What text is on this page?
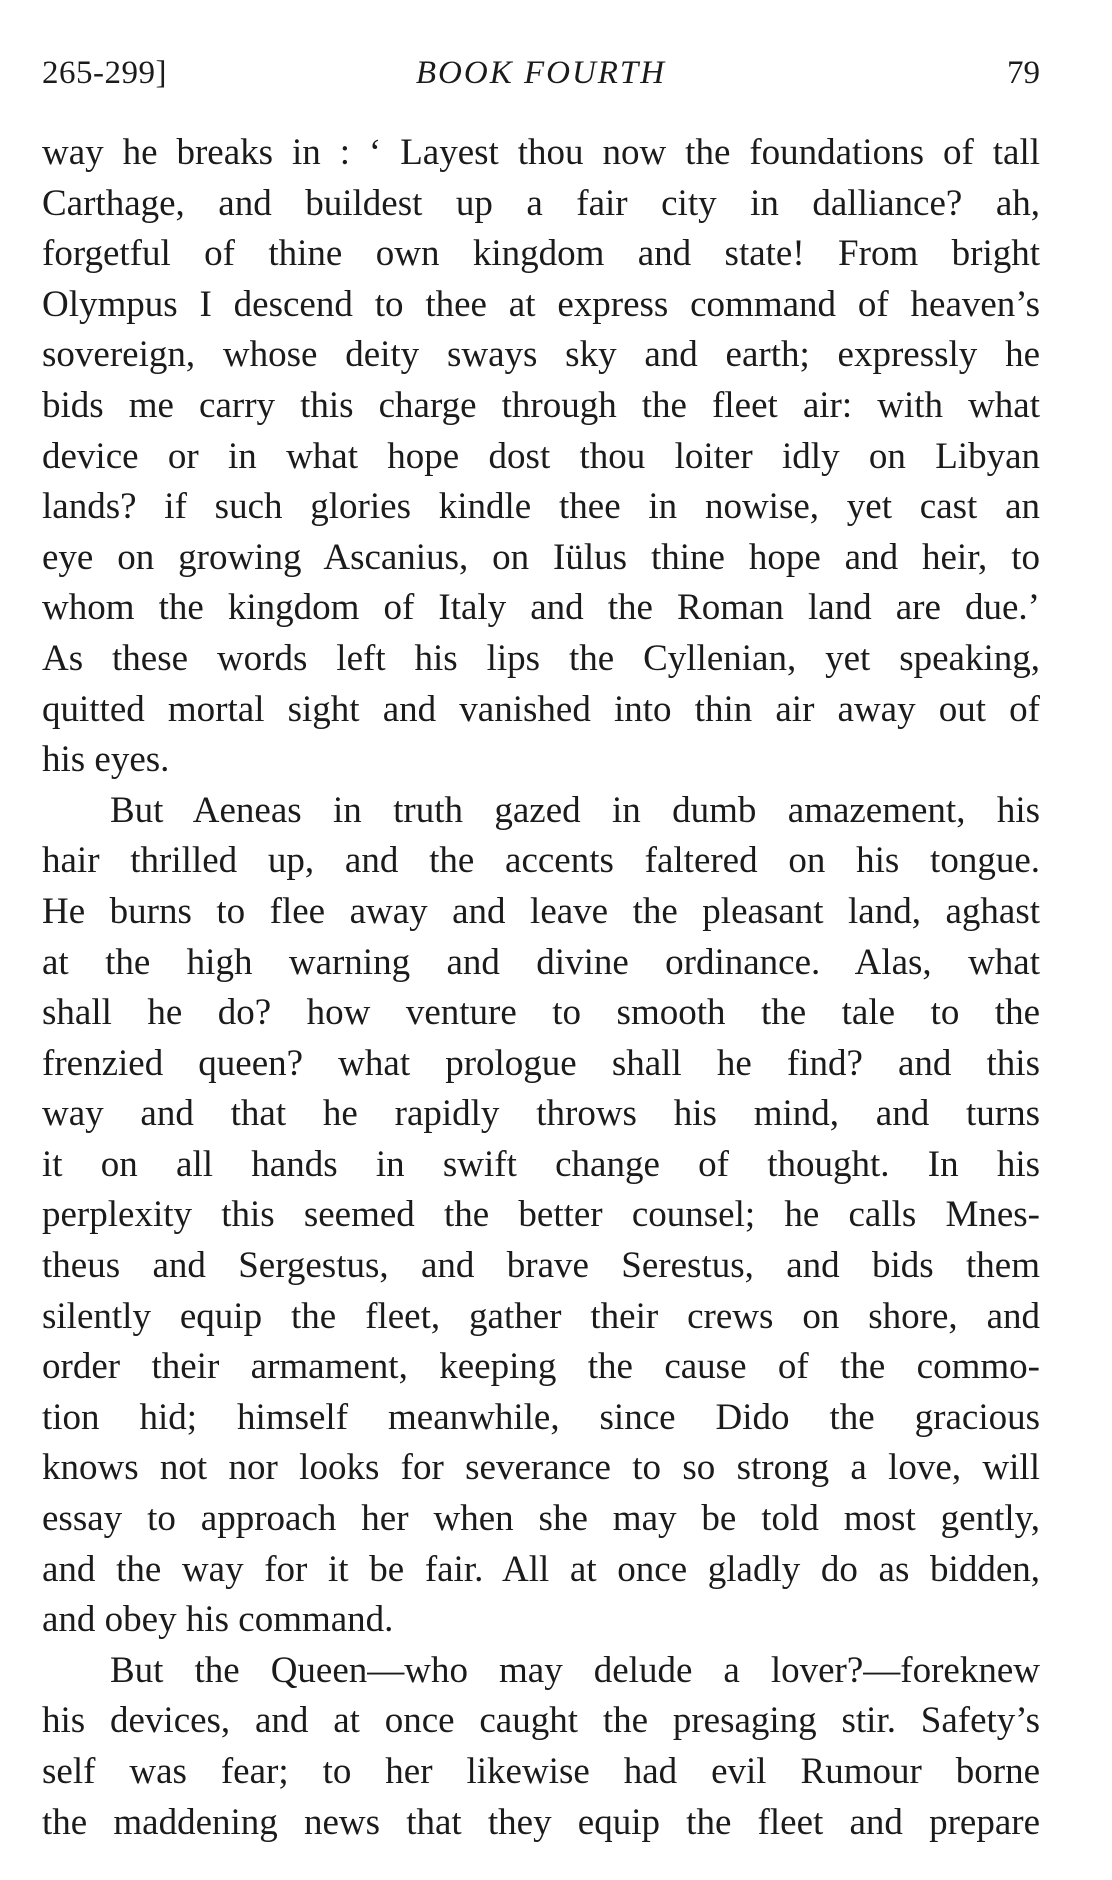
265-299]	BOOK FOURTH	79
way he breaks in : ‘ Layest thou now the foundations of tall
Carthage, and buildest up a fair city in dalliance? ah,
forgetful of thine own kingdom and state! From bright
Olympus I descend to thee at express command of heaven’s
sovereign, whose deity sways sky and earth; expressly he
bids me carry this charge through the fleet air: with what
device or in what hope dost thou loiter idly on Libyan
lands? if such glories kindle thee in nowise, yet cast an
eye on growing Ascanius, on Iülus thine hope and heir, to
whom the kingdom of Italy and the Roman land are due.’
As these words left his lips the Cyllenian, yet speaking,
quitted mortal sight and vanished into thin air away out of
his eyes.
But Aeneas in truth gazed in dumb amazement, his
hair thrilled up, and the accents faltered on his tongue.
He burns to flee away and leave the pleasant land, aghast
at the high warning and divine ordinance. Alas, what
shall he do? how venture to smooth the tale to the
frenzied queen? what prologue shall he find? and this
way and that he rapidly throws his mind, and turns
it on all hands in swift change of thought. In his
perplexity this seemed the better counsel; he calls Mnes-
theus and Sergestus, and brave Serestus, and bids them
silently equip the fleet, gather their crews on shore, and
order their armament, keeping the cause of the commo-
tion hid; himself meanwhile, since Dido the gracious
knows not nor looks for severance to so strong a love, will
essay to approach her when she may be told most gently,
and the way for it be fair. All at once gladly do as bidden,
and obey his command.
But the Queen—who may delude a lover?—foreknew
his devices, and at once caught the presaging stir. Safety’s
self was fear; to her likewise had evil Rumour borne
the maddening news that they equip the fleet and prepare
